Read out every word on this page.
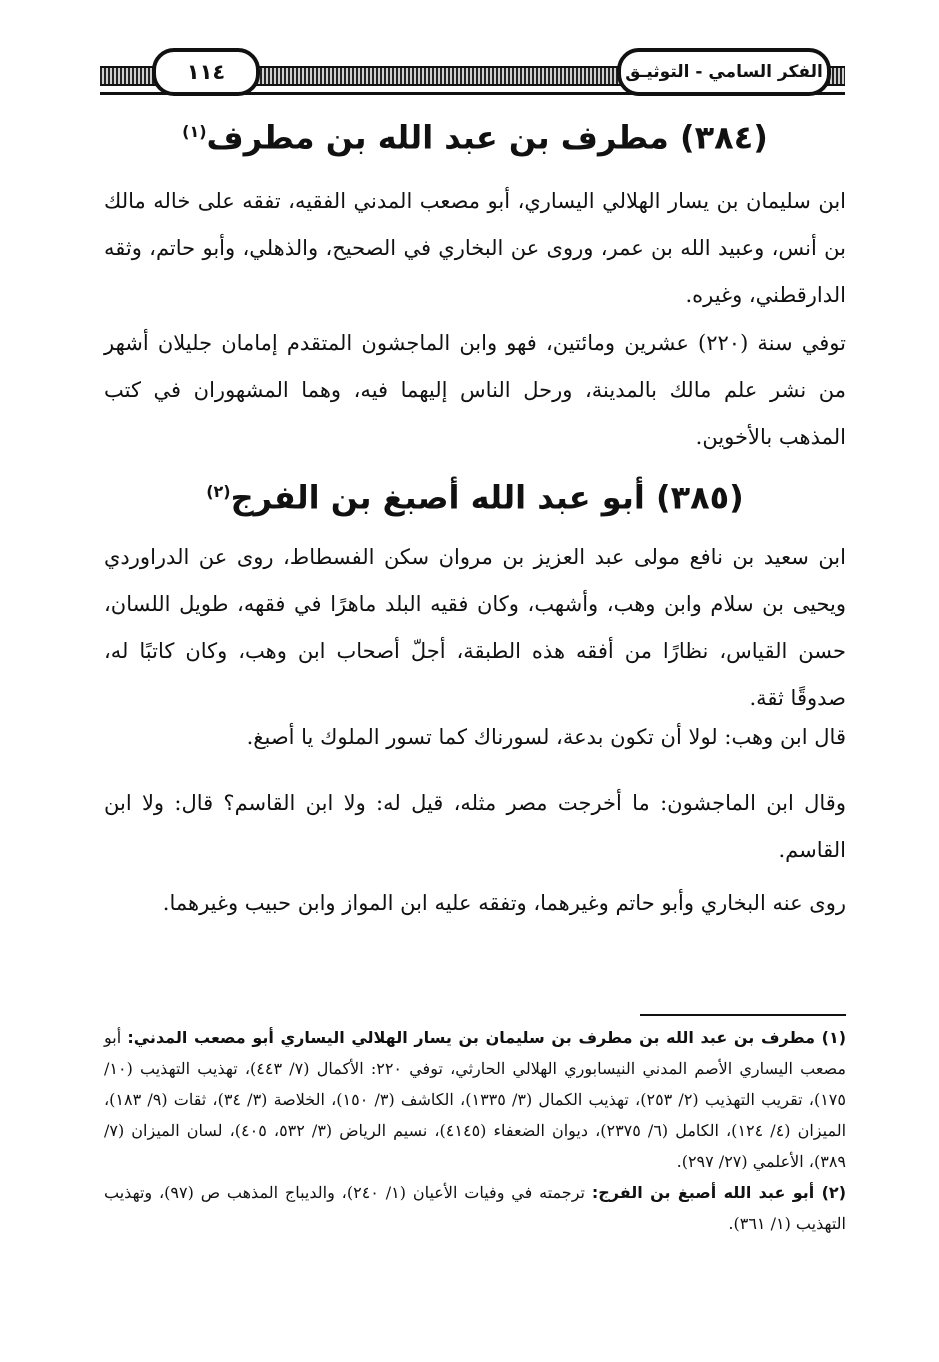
١١٤	الفكر السامي - التوثيـق
(٣٨٤) مطرف بن عبد الله بن مطرف$^{(١)}$

ابن سليمان بن يسار الهلالي اليساري، أبو مصعب المدني الفقيه، تفقه على خاله مالك بن أنس، وعبيد الله بن عمر، وروى عن البخاري في الصحيح، والذهلي، وأبو حاتم، وثقه الدارقطني، وغيره.

توفي سنة (٢٢٠) عشرين ومائتين، فهو وابن الماجشون المتقدم إمامان جليلان أشهر من نشر علم مالك بالمدينة، ورحل الناس إليهما فيه، وهما المشهوران في كتب المذهب بالأخوين.

(٣٨٥) أبو عبد الله أصبغ بن الفرج$^{(٢)}$

ابن سعيد بن نافع مولى عبد العزيز بن مروان سكن الفسطاط، روى عن الدراوردي ويحيى بن سلام وابن وهب، وأشهب، وكان فقيه البلد ماهرًا في فقهه، طويل اللسان، حسن القياس، نظارًا من أفقه هذه الطبقة، أجلّ أصحاب ابن وهب، وكان كاتبًا له، صدوقًا ثقة.

قال ابن وهب: لولا أن تكون بدعة، لسورناك كما تسور الملوك يا أصبغ.

وقال ابن الماجشون: ما أخرجت مصر مثله، قيل له: ولا ابن القاسم؟ قال: ولا ابن القاسم.

روى عنه البخاري وأبو حاتم وغيرهما، وتفقه عليه ابن المواز وابن حبيب وغيرهما.

(١) مطرف بن عبد الله بن مطرف بن سليمان بن يسار الهلالي اليساري أبو مصعب المدني: أبو مصعب اليساري الأصم المدني النيسابوري الهلالي الحارثي، توفي ٢٢٠: الأكمال (٧/ ٤٤٣)، تهذيب التهذيب (١٠/ ١٧٥)، تقريب التهذيب (٢/ ٢٥٣)، تهذيب الكمال (٣/ ١٣٣٥)، الكاشف (٣/ ١٥٠)، الخلاصة (٣/ ٣٤)، ثقات (٩/ ١٨٣)، الميزان (٤/ ١٢٤)، الكامل (٦/ ٢٣٧٥)، ديوان الضعفاء (٤١٤٥)، نسيم الرياض (٣/ ٥٣٢، ٤٠٥)، لسان الميزان (٧/ ٣٨٩)، الأعلمي (٢٧/ ٢٩٧).

(٢) أبو عبد الله أصبغ بن الفرج: ترجمته في وفيات الأعيان (١/ ٢٤٠)، والديباج المذهب ص (٩٧)، وتهذيب التهذيب (١/ ٣٦١).
